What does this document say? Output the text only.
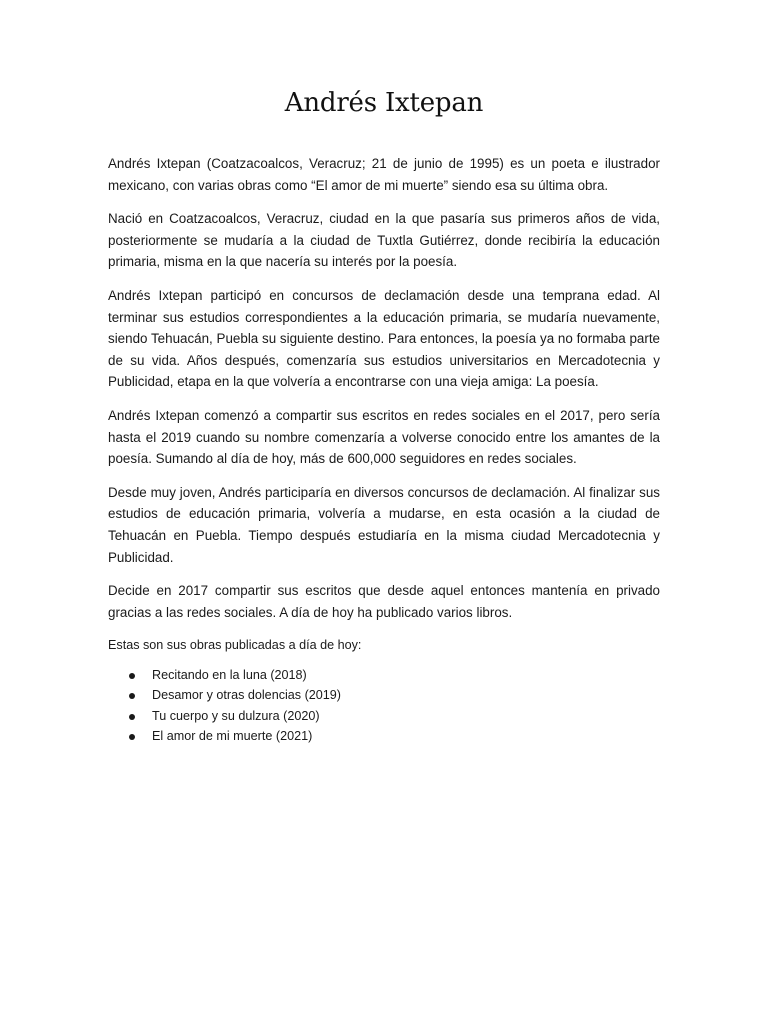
Andrés Ixtepan

Andrés Ixtepan (Coatzacoalcos, Veracruz; 21 de junio de 1995) es un poeta e ilustrador mexicano, con varias obras como “El amor de mi muerte” siendo esa su última obra.

Nació en Coatzacoalcos, Veracruz, ciudad en la que pasaría sus primeros años de vida, posteriormente se mudaría a la ciudad de Tuxtla Gutiérrez, donde recibiría la educación primaria, misma en la que nacería su interés por la poesía.

Andrés Ixtepan participó en concursos de declamación desde una temprana edad. Al terminar sus estudios correspondientes a la educación primaria, se mudaría nuevamente, siendo Tehuacán, Puebla su siguiente destino. Para entonces, la poesía ya no formaba parte de su vida. Años después, comenzaría sus estudios universitarios en Mercadotecnia y Publicidad, etapa en la que volvería a encontrarse con una vieja amiga: La poesía.

Andrés Ixtepan comenzó a compartir sus escritos en redes sociales en el 2017, pero sería hasta el 2019 cuando su nombre comenzaría a volverse conocido entre los amantes de la poesía. Sumando al día de hoy, más de 600,000 seguidores en redes sociales.

Desde muy joven, Andrés participaría en diversos concursos de declamación. Al finalizar sus estudios de educación primaria, volvería a mudarse, en esta ocasión a la ciudad de Tehuacán en Puebla. Tiempo después estudiaría en la misma ciudad Mercadotecnia y Publicidad.

Decide en 2017 compartir sus escritos que desde aquel entonces mantenía en privado gracias a las redes sociales. A día de hoy ha publicado varios libros.

Estas son sus obras publicadas a día de hoy:

Recitando en la luna (2018)
Desamor y otras dolencias (2019)
Tu cuerpo y su dulzura (2020)
El amor de mi muerte (2021)
